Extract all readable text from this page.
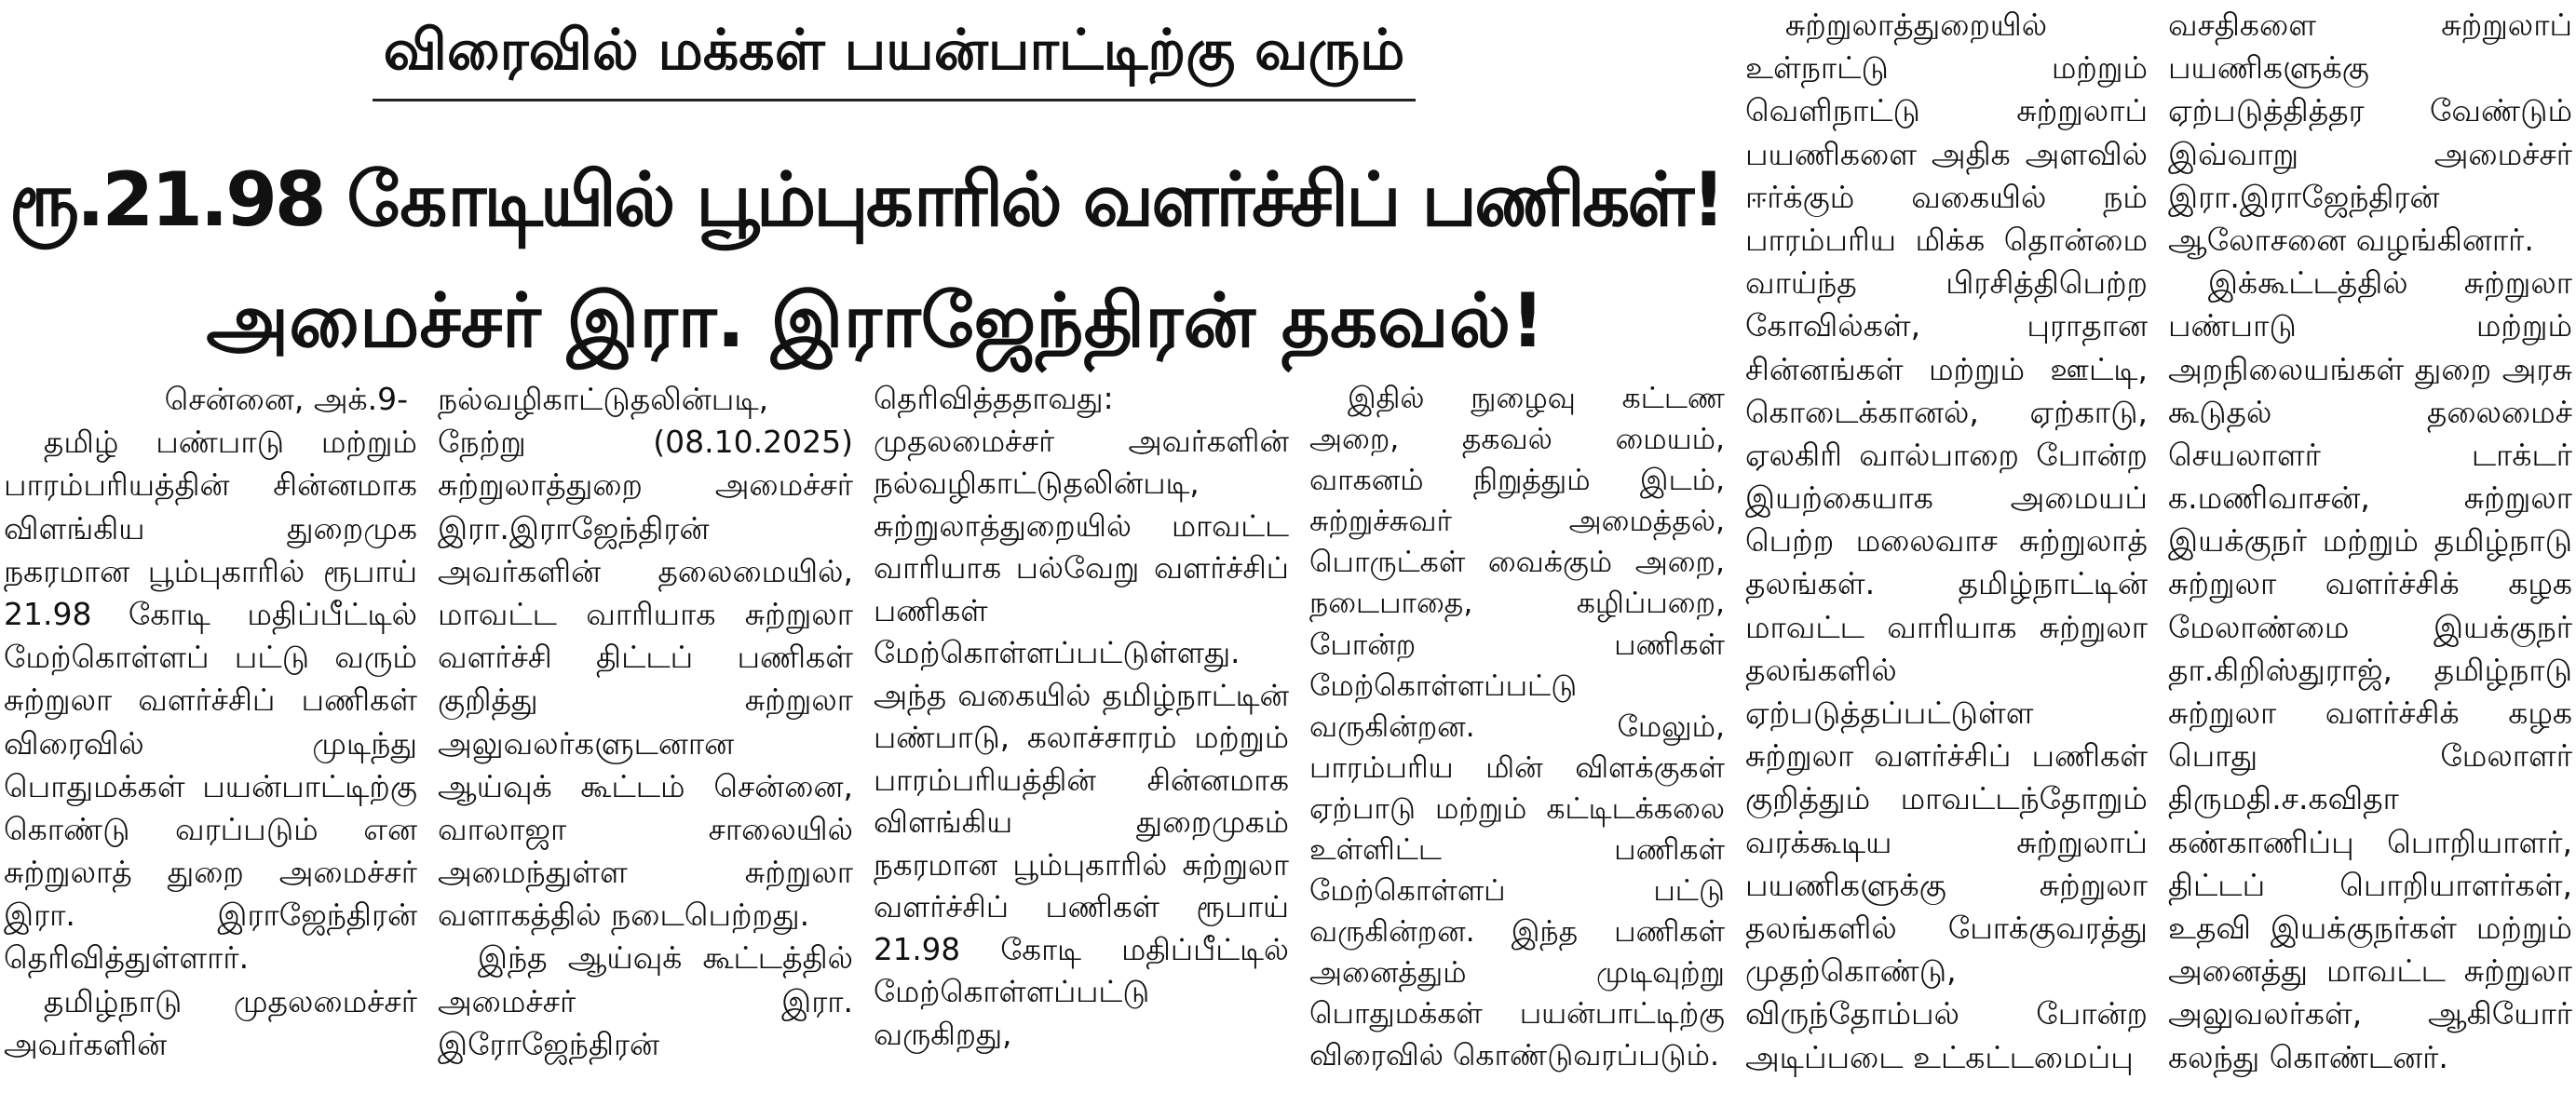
விரைவில் மக்கள் பயன்பாட்டிற்கு வரும்
ரூ.21.98 கோடியில் பூம்புகாரில் வளர்ச்சிப் பணிகள்!
அமைச்சர் இரா. இராஜேந்திரன் தகவல்!

சென்னை, அக்.9-

தமிழ் பண்பாடு மற்றும் பாரம்பரியத்தின் சின்னமாக விளங்கிய துறைமுக நகரமான பூம்புகாரில் ரூபாய் 21.98 கோடி மதிப்பீட்டில் மேற்கொள்ளப் பட்டு வரும் சுற்றுலா வளர்ச்சிப் பணிகள் விரைவில் முடிந்து பொதுமக்கள் பயன்பாட்டிற்கு கொண்டு வரப்படும் என சுற்றுலாத் துறை அமைச்சர் இரா. இராஜேந்திரன் தெரிவித்துள்ளார்.

தமிழ்நாடு முதலமைச்சர் அவர்களின்

நல்வழிகாட்டுதலின்படி, நேற்று (08.10.2025) சுற்றுலாத்துறை அமைச்சர் இரா.இராஜேந்திரன் அவர்களின் தலைமையில், மாவட்ட வாரியாக சுற்றுலா வளர்ச்சி திட்டப் பணிகள் குறித்து சுற்றுலா அலுவலர்களுடனான ஆய்வுக் கூட்டம் சென்னை, வாலாஜா சாலையில் அமைந்துள்ள சுற்றுலா வளாகத்தில் நடைபெற்றது.

இந்த ஆய்வுக் கூட்டத்தில் அமைச்சர் இரா. இரோஜேந்திரன்

தெரிவித்ததாவது: முதலமைச்சர் அவர்களின் நல்வழிகாட்டுதலின்படி, சுற்றுலாத்துறையில் மாவட்ட வாரியாக பல்வேறு வளர்ச்சிப் பணிகள் மேற்கொள்ளப்பட்டுள்ளது. அந்த வகையில் தமிழ்நாட்டின் பண்பாடு, கலாச்சாரம் மற்றும் பாரம்பரியத்தின் சின்னமாக விளங்கிய துறைமுகம் நகரமான பூம்புகாரில் சுற்றுலா வளர்ச்சிப் பணிகள் ரூபாய் 21.98 கோடி மதிப்பீட்டில் மேற்கொள்ளப்பட்டு வருகிறது,

இதில் நுழைவு கட்டண அறை, தகவல் மையம், வாகனம் நிறுத்தும் இடம், சுற்றுச்சுவர் அமைத்தல், பொருட்கள் வைக்கும் அறை, நடைபாதை, கழிப்பறை, போன்ற பணிகள் மேற்கொள்ளப்பட்டு வருகின்றன. மேலும், பாரம்பரிய மின் விளக்குகள் ஏற்பாடு மற்றும் கட்டிடக்கலை உள்ளிட்ட பணிகள் மேற்கொள்ளப் பட்டு வருகின்றன. இந்த பணிகள் அனைத்தும் முடிவுற்று பொதுமக்கள் பயன்பாட்டிற்கு விரைவில் கொண்டுவரப்படும்.

சுற்றுலாத்துறையில் உள்நாட்டு மற்றும் வெளிநாட்டு சுற்றுலாப் பயணிகளை அதிக அளவில் ஈர்க்கும் வகையில் நம் பாரம்பரிய மிக்க தொன்மை வாய்ந்த பிரசித்திபெற்ற கோவில்கள், புராதான சின்னங்கள் மற்றும் ஊட்டி, கொடைக்கானல், ஏற்காடு, ஏலகிரி வால்பாறை போன்ற இயற்கையாக அமையப் பெற்ற மலைவாச சுற்றுலாத் தலங்கள். தமிழ்நாட்டின் மாவட்ட வாரியாக சுற்றுலா தலங்களில் ஏற்படுத்தப்பட்டுள்ள சுற்றுலா வளர்ச்சிப் பணிகள் குறித்தும் மாவட்டந்தோறும் வரக்கூடிய சுற்றுலாப் பயணிகளுக்கு சுற்றுலா தலங்களில் போக்குவரத்து முதற்கொண்டு, விருந்தோம்பல் போன்ற அடிப்படை உட்கட்டமைப்பு

வசதிகளை சுற்றுலாப் பயணிகளுக்கு ஏற்படுத்தித்தர வேண்டும் இவ்வாறு அமைச்சர் இரா.இராஜேந்திரன் ஆலோசனை வழங்கினார்.

இக்கூட்டத்தில் சுற்றுலா பண்பாடு மற்றும் அறநிலையங்கள் துறை அரசு கூடுதல் தலைமைச் செயலாளர் டாக்டர் க.மணிவாசன், சுற்றுலா இயக்குநர் மற்றும் தமிழ்நாடு சுற்றுலா வளர்ச்சிக் கழக மேலாண்மை இயக்குநர் தா.கிறிஸ்துராஜ், தமிழ்நாடு சுற்றுலா வளர்ச்சிக் கழக பொது மேலாளர் திருமதி.ச.கவிதா கண்காணிப்பு பொறியாளர், திட்டப் பொறியாளர்கள், உதவி இயக்குநர்கள் மற்றும் அனைத்து மாவட்ட சுற்றுலா அலுவலர்கள், ஆகியோர் கலந்து கொண்டனர்.
